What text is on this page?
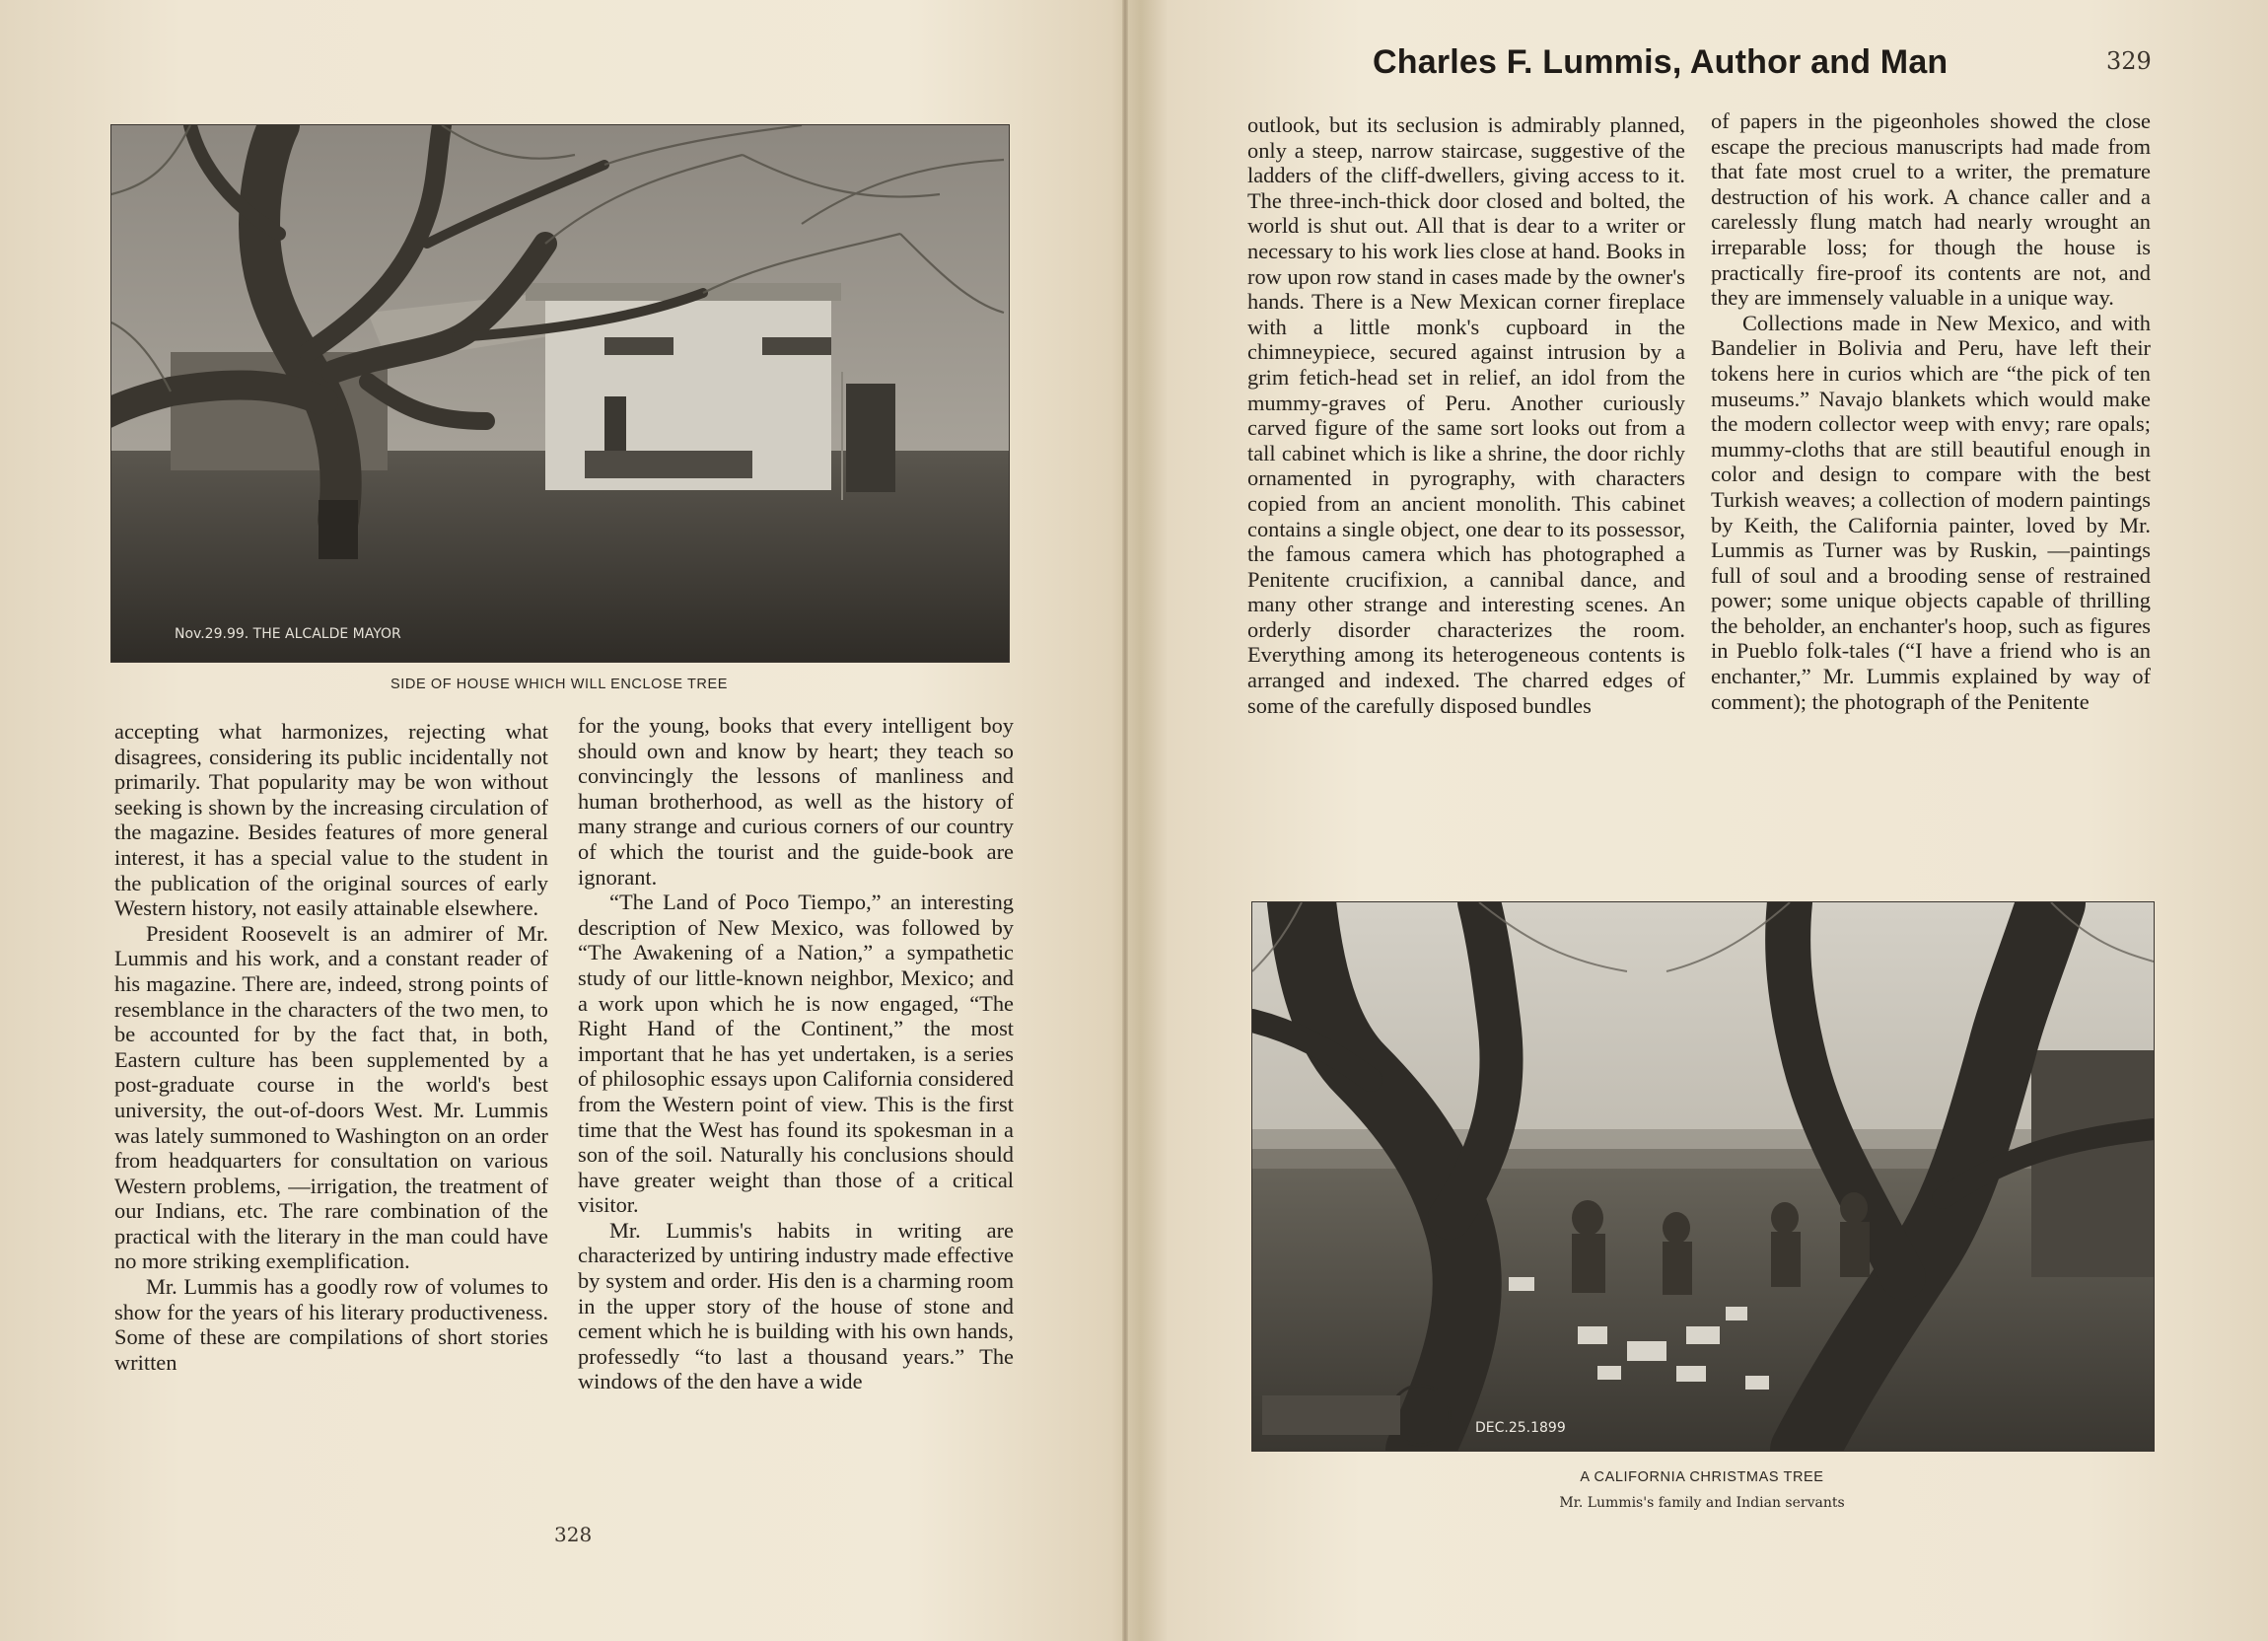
Nov.29.99. THE ALCALDE MAYOR
SIDE OF HOUSE WHICH WILL ENCLOSE TREE

accepting what harmonizes, rejecting what disagrees, considering its public incidentally not primarily. That popularity may be won without seeking is shown by the increasing circulation of the magazine. Besides features of more general interest, it has a special value to the student in the publication of the original sources of early Western history, not easily attainable elsewhere.

President Roosevelt is an admirer of Mr. Lummis and his work, and a constant reader of his magazine. There are, indeed, strong points of resemblance in the characters of the two men, to be accounted for by the fact that, in both, Eastern culture has been supplemented by a post-graduate course in the world's best university, the out-of-doors West. Mr. Lummis was lately summoned to Washington on an order from headquarters for consultation on various Western problems, —irrigation, the treatment of our Indians, etc. The rare combination of the practical with the literary in the man could have no more striking exemplification.

Mr. Lummis has a goodly row of volumes to show for the years of his literary productiveness. Some of these are compilations of short stories written

for the young, books that every intelligent boy should own and know by heart; they teach so convincingly the lessons of manliness and human brotherhood, as well as the history of many strange and curious corners of our country of which the tourist and the guide-book are ignorant.

“The Land of Poco Tiempo,” an interesting description of New Mexico, was followed by “The Awakening of a Nation,” a sympathetic study of our little-known neighbor, Mexico; and a work upon which he is now engaged, “The Right Hand of the Continent,” the most important that he has yet undertaken, is a series of philosophic essays upon California considered from the Western point of view. This is the first time that the West has found its spokesman in a son of the soil. Naturally his conclusions should have greater weight than those of a critical visitor.

Mr. Lummis's habits in writing are characterized by untiring industry made effective by system and order. His den is a charming room in the upper story of the house of stone and cement which he is building with his own hands, professedly “to last a thousand years.” The windows of the den have a wide

328
Charles F. Lummis, Author and Man	329

outlook, but its seclusion is admirably planned, only a steep, narrow staircase, suggestive of the ladders of the cliff-dwellers, giving access to it. The three-inch-thick door closed and bolted, the world is shut out. All that is dear to a writer or necessary to his work lies close at hand. Books in row upon row stand in cases made by the owner's hands. There is a New Mexican corner fireplace with a little monk's cupboard in the chimneypiece, secured against intrusion by a grim fetich-head set in relief, an idol from the mummy-graves of Peru. Another curiously carved figure of the same sort looks out from a tall cabinet which is like a shrine, the door richly ornamented in pyrography, with characters copied from an ancient monolith. This cabinet contains a single object, one dear to its possessor, the famous camera which has photographed a Penitente crucifixion, a cannibal dance, and many other strange and interesting scenes. An orderly disorder characterizes the room. Everything among its heterogeneous contents is arranged and indexed. The charred edges of some of the carefully disposed bundles

of papers in the pigeonholes showed the close escape the precious manuscripts had made from that fate most cruel to a writer, the premature destruction of his work. A chance caller and a carelessly flung match had nearly wrought an irreparable loss; for though the house is practically fire-proof its contents are not, and they are immensely valuable in a unique way.

Collections made in New Mexico, and with Bandelier in Bolivia and Peru, have left their tokens here in curios which are “the pick of ten museums.” Navajo blankets which would make the modern collector weep with envy; rare opals; mummy-cloths that are still beautiful enough in color and design to compare with the best Turkish weaves; a collection of modern paintings by Keith, the California painter, loved by Mr. Lummis as Turner was by Ruskin, —paintings full of soul and a brooding sense of restrained power; some unique objects capable of thrilling the beholder, an enchanter's hoop, such as figures in Pueblo folk-tales (“I have a friend who is an enchanter,” Mr. Lummis explained by way of comment); the photograph of the Penitente

DEC.25.1899
A CALIFORNIA CHRISTMAS TREE
Mr. Lummis's family and Indian servants
